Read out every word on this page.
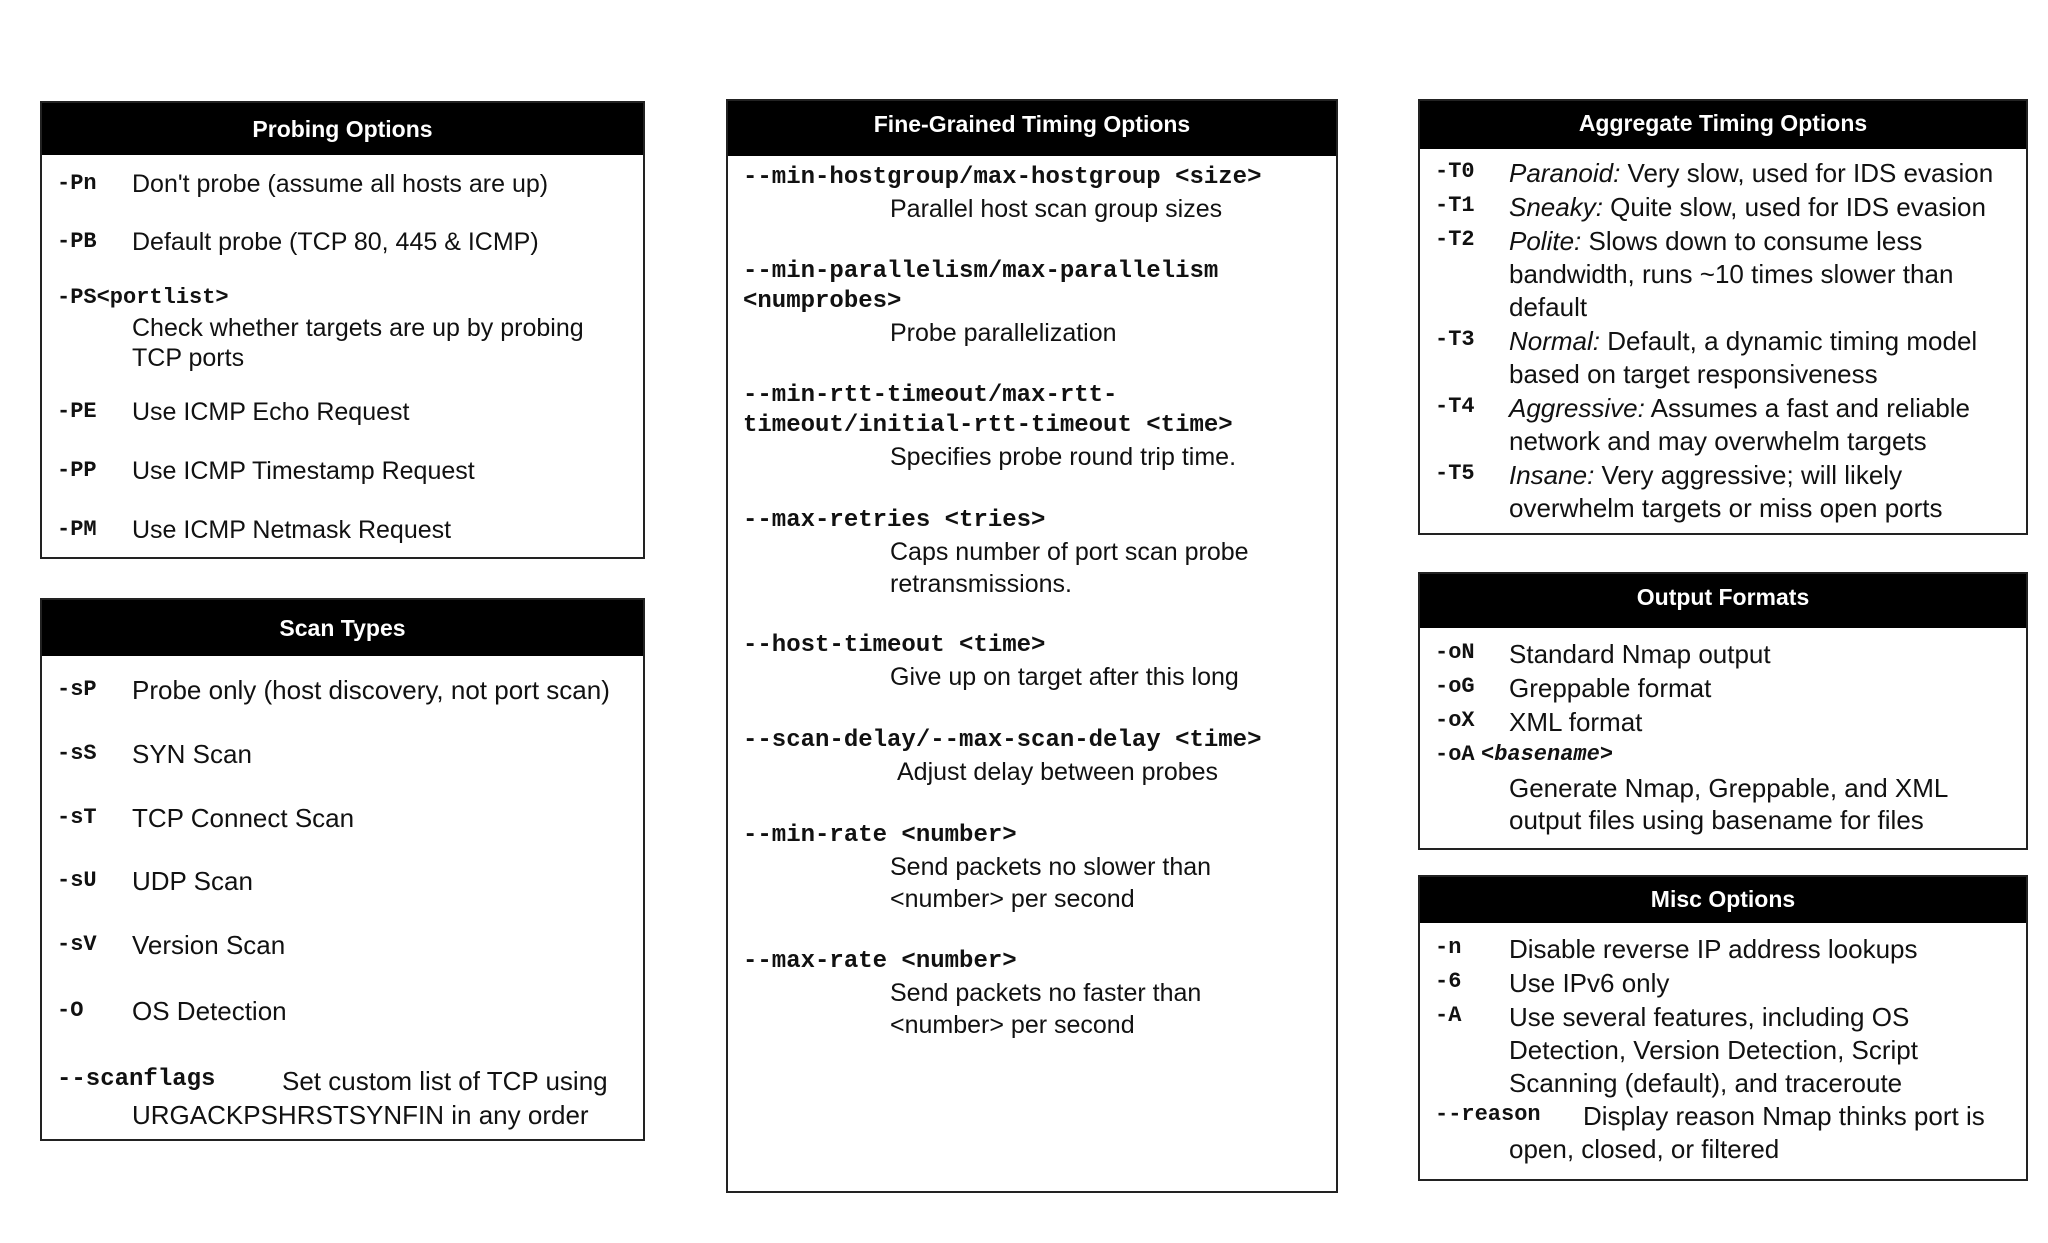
Probing Options
-Pn Don't probe (assume all hosts are up)
-PB Default probe (TCP 80, 445 & ICMP)
-PS<portlist>
Check whether targets are up by probing TCP ports
-PE Use ICMP Echo Request
-PP Use ICMP Timestamp Request
-PM Use ICMP Netmask Request
Scan Types
-sP Probe only (host discovery, not port scan)
-sS SYN Scan
-sT TCP Connect Scan
-sU UDP Scan
-sV Version Scan
-O OS Detection
--scanflags	Set custom list of TCP using URGACKPSHRSTSYNFIN in any order
Fine-Grained Timing Options
--min-hostgroup/max-hostgroup <size>
Parallel host scan group sizes
--min-parallelism/max-parallelism <numprobes>
Probe parallelization
--min-rtt-timeout/max-rtt-timeout/initial-rtt-timeout <time>
Specifies probe round trip time.
--max-retries <tries>
Caps number of port scan probe retransmissions.
--host-timeout <time>
Give up on target after this long
--scan-delay/--max-scan-delay <time>
Adjust delay between probes
--min-rate <number>
Send packets no slower than <number> per second
--max-rate <number>
Send packets no faster than <number> per second
Aggregate Timing Options
-T0 Paranoid: Very slow, used for IDS evasion
-T1 Sneaky: Quite slow, used for IDS evasion
-T2 Polite: Slows down to consume less bandwidth, runs ~10 times slower than default
-T3 Normal: Default, a dynamic timing model based on target responsiveness
-T4 Aggressive: Assumes a fast and reliable network and may overwhelm targets
-T5 Insane: Very aggressive; will likely overwhelm targets or miss open ports
Output Formats
-oN Standard Nmap output
-oG Greppable format
-oX XML format
-oA <basename>
Generate Nmap, Greppable, and XML output files using basename for files
Misc Options
-n Disable reverse IP address lookups
-6 Use IPv6 only
-A Use several features, including OS Detection, Version Detection, Script Scanning (default), and traceroute
--reason	Display reason Nmap thinks port is open, closed, or filtered
